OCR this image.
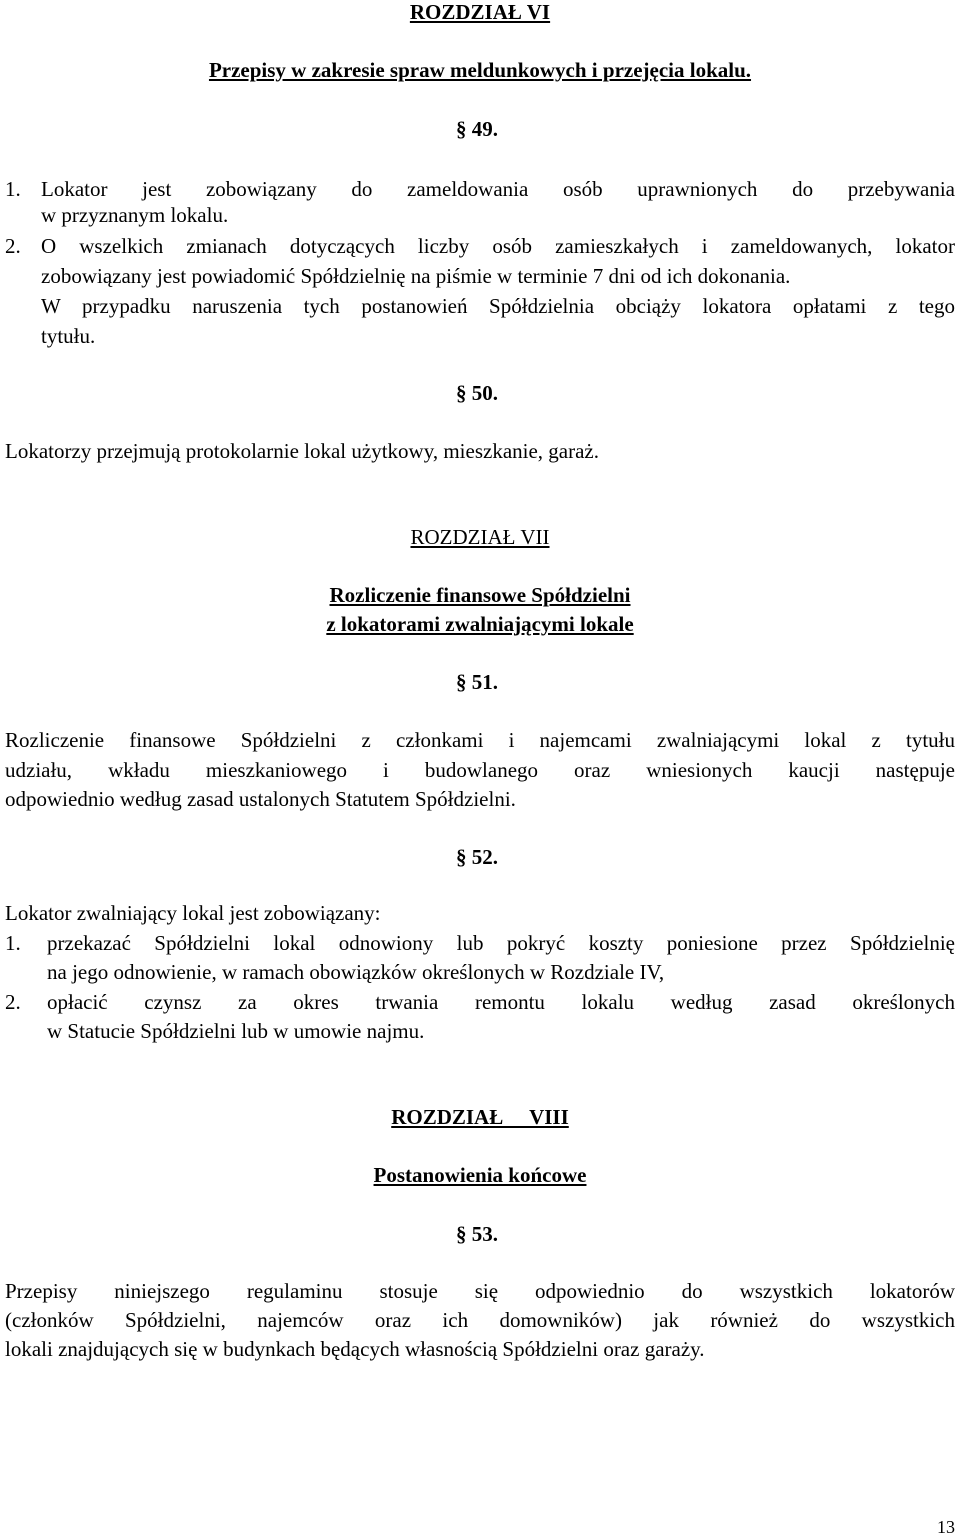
ROZDZIAŁ VI

Przepisy w zakresie spraw meldunkowych i przejęcia lokalu.

§ 49.

1. Lokator jest zobowiązany do zameldowania osób uprawnionych do przebywania

w przyznanym lokalu.

2. O wszelkich zmianach dotyczących liczby osób zamieszkałych i zameldowanych, lokator

zobowiązany jest powiadomić Spółdzielnię na piśmie w terminie 7 dni od ich dokonania.

W przypadku naruszenia tych postanowień Spółdzielnia obciąży lokatora opłatami z tego

tytułu.

§ 50.

Lokatorzy przejmują protokolarnie lokal użytkowy, mieszkanie, garaż.

ROZDZIAŁ VII

Rozliczenie finansowe Spółdzielni

z lokatorami zwalniającymi lokale

§ 51.

Rozliczenie finansowe Spółdzielni z członkami i najemcami zwalniającymi lokal z tytułu

udziału, wkładu mieszkaniowego i budowlanego oraz wniesionych kaucji następuje

odpowiednio według zasad ustalonych Statutem Spółdzielni.

§ 52.

Lokator zwalniający lokal jest zobowiązany:

1. przekazać Spółdzielni lokal odnowiony lub pokryć koszty poniesione przez Spółdzielnię

na jego odnowienie, w ramach obowiązków określonych w Rozdziale IV,

2. opłacić czynsz za okres trwania remontu lokalu według zasad określonych

w Statucie Spółdzielni lub w umowie najmu.

ROZDZIAŁ     VIII

Postanowienia końcowe

§ 53.

Przepisy niniejszego regulaminu stosuje się odpowiednio do wszystkich lokatorów

(członków Spółdzielni, najemców oraz ich domowników) jak również do wszystkich

lokali znajdujących się w budynkach będących własnością Spółdzielni oraz garaży.

13
